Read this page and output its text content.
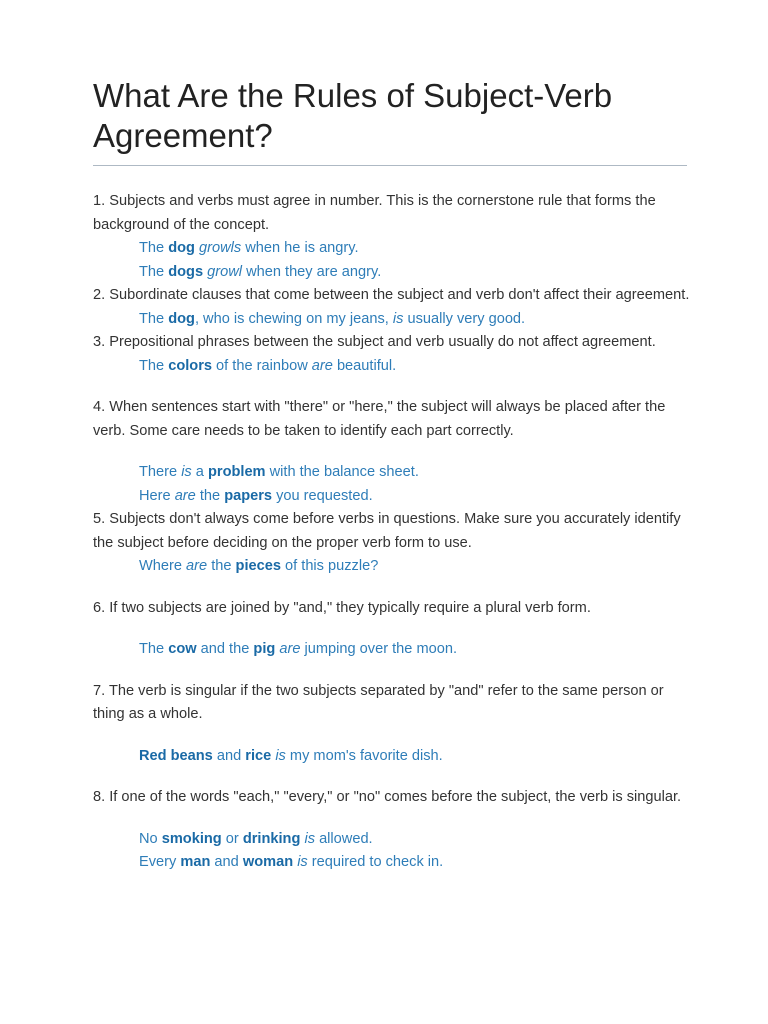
What Are the Rules of Subject-Verb Agreement?

1. Subjects and verbs must agree in number. This is the cornerstone rule that forms the background of the concept.

The dog growls when he is angry.

The dogs growl when they are angry.

2. Subordinate clauses that come between the subject and verb don't affect their agreement.

The dog, who is chewing on my jeans, is usually very good.

3. Prepositional phrases between the subject and verb usually do not affect agreement.

The colors of the rainbow are beautiful.

4. When sentences start with "there" or "here," the subject will always be placed after the verb. Some care needs to be taken to identify each part correctly.

There is a problem with the balance sheet.

Here are the papers you requested.

5. Subjects don't always come before verbs in questions. Make sure you accurately identify the subject before deciding on the proper verb form to use.

Where are the pieces of this puzzle?

6. If two subjects are joined by "and," they typically require a plural verb form.

The cow and the pig are jumping over the moon.

7. The verb is singular if the two subjects separated by "and" refer to the same person or thing as a whole.

Red beans and rice is my mom's favorite dish.

8. If one of the words "each," "every," or "no" comes before the subject, the verb is singular.

No smoking or drinking is allowed.

Every man and woman is required to check in.
